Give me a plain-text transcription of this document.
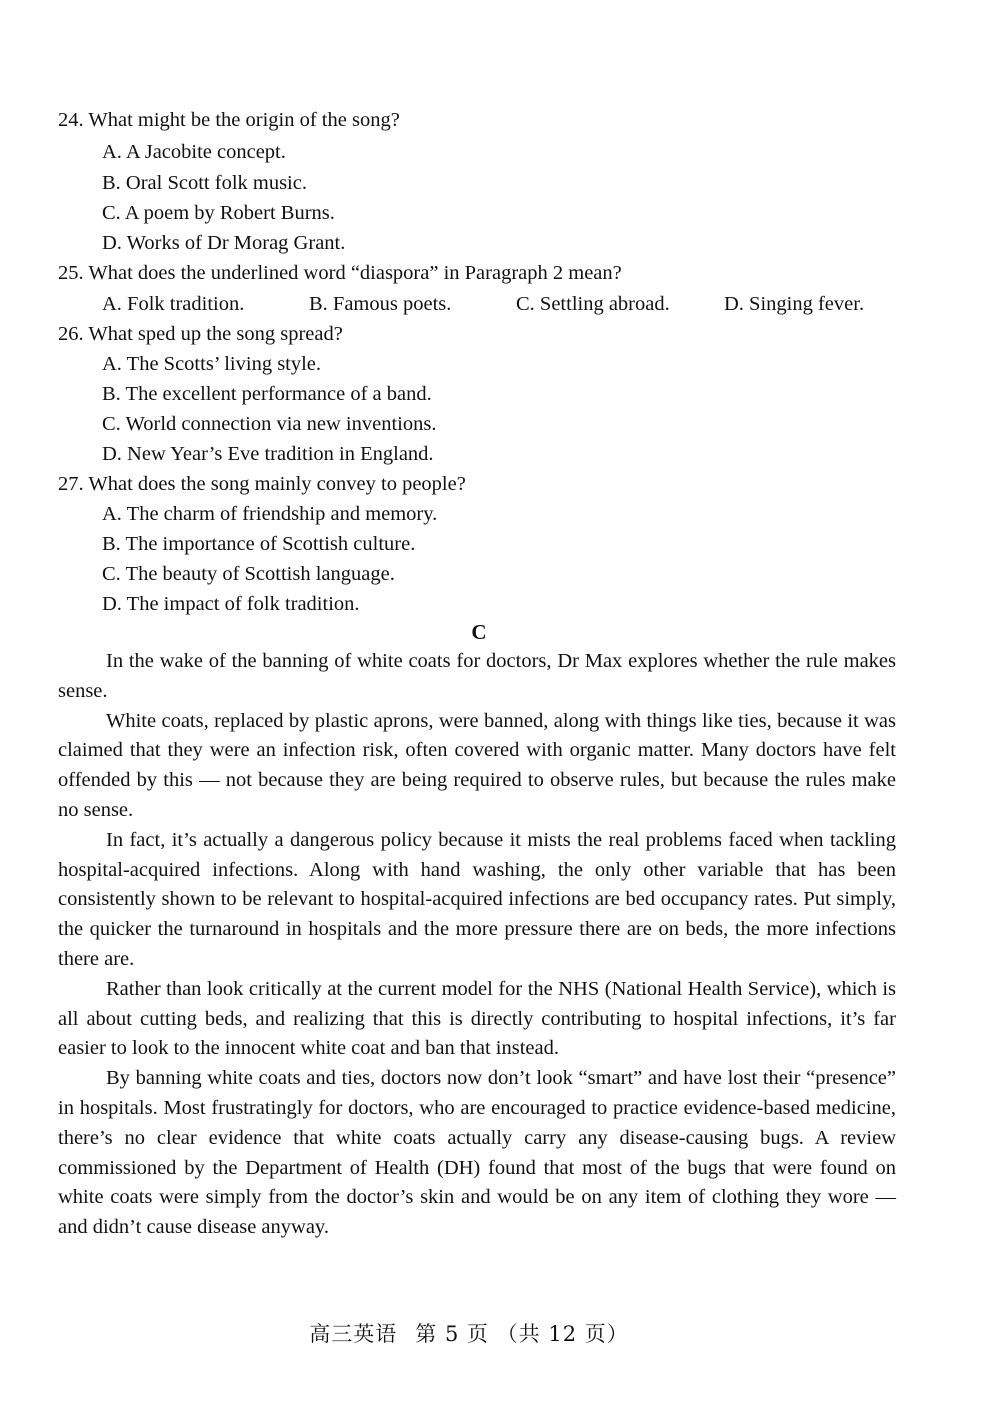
24. What might be the origin of the song?
A. A Jacobite concept.
B. Oral Scott folk music.
C. A poem by Robert Burns.
D. Works of Dr Morag Grant.
25. What does the underlined word “diaspora” in Paragraph 2 mean?
A. Folk tradition.	B. Famous poets.	C. Settling abroad.	D. Singing fever.
26. What sped up the song spread?
A. The Scotts’ living style.
B. The excellent performance of a band.
C. World connection via new inventions.
D. New Year’s Eve tradition in England.
27. What does the song mainly convey to people?
A. The charm of friendship and memory.
B. The importance of Scottish culture.
C. The beauty of Scottish language.
D. The impact of folk tradition.
C

In the wake of the banning of white coats for doctors, Dr Max explores whether the rule makes sense.

White coats, replaced by plastic aprons, were banned, along with things like ties, because it was claimed that they were an infection risk, often covered with organic matter. Many doctors have felt offended by this — not because they are being required to observe rules, but because the rules make no sense.

In fact, it’s actually a dangerous policy because it mists the real problems faced when tackling hospital-acquired infections. Along with hand washing, the only other variable that has been consistently shown to be relevant to hospital-acquired infections are bed occupancy rates. Put simply, the quicker the turnaround in hospitals and the more pressure there are on beds, the more infections there are.

Rather than look critically at the current model for the NHS (National Health Service), which is all about cutting beds, and realizing that this is directly contributing to hospital infections, it’s far easier to look to the innocent white coat and ban that instead.

By banning white coats and ties, doctors now don’t look “smart” and have lost their “presence” in hospitals. Most frustratingly for doctors, who are encouraged to practice evidence-based medicine, there’s no clear evidence that white coats actually carry any disease-causing bugs. A review commissioned by the Department of Health (DH) found that most of the bugs that were found on white coats were simply from the doctor’s skin and would be on any item of clothing they wore — and didn’t cause disease anyway.

高三英语 第 5 页 （共 12 页）
